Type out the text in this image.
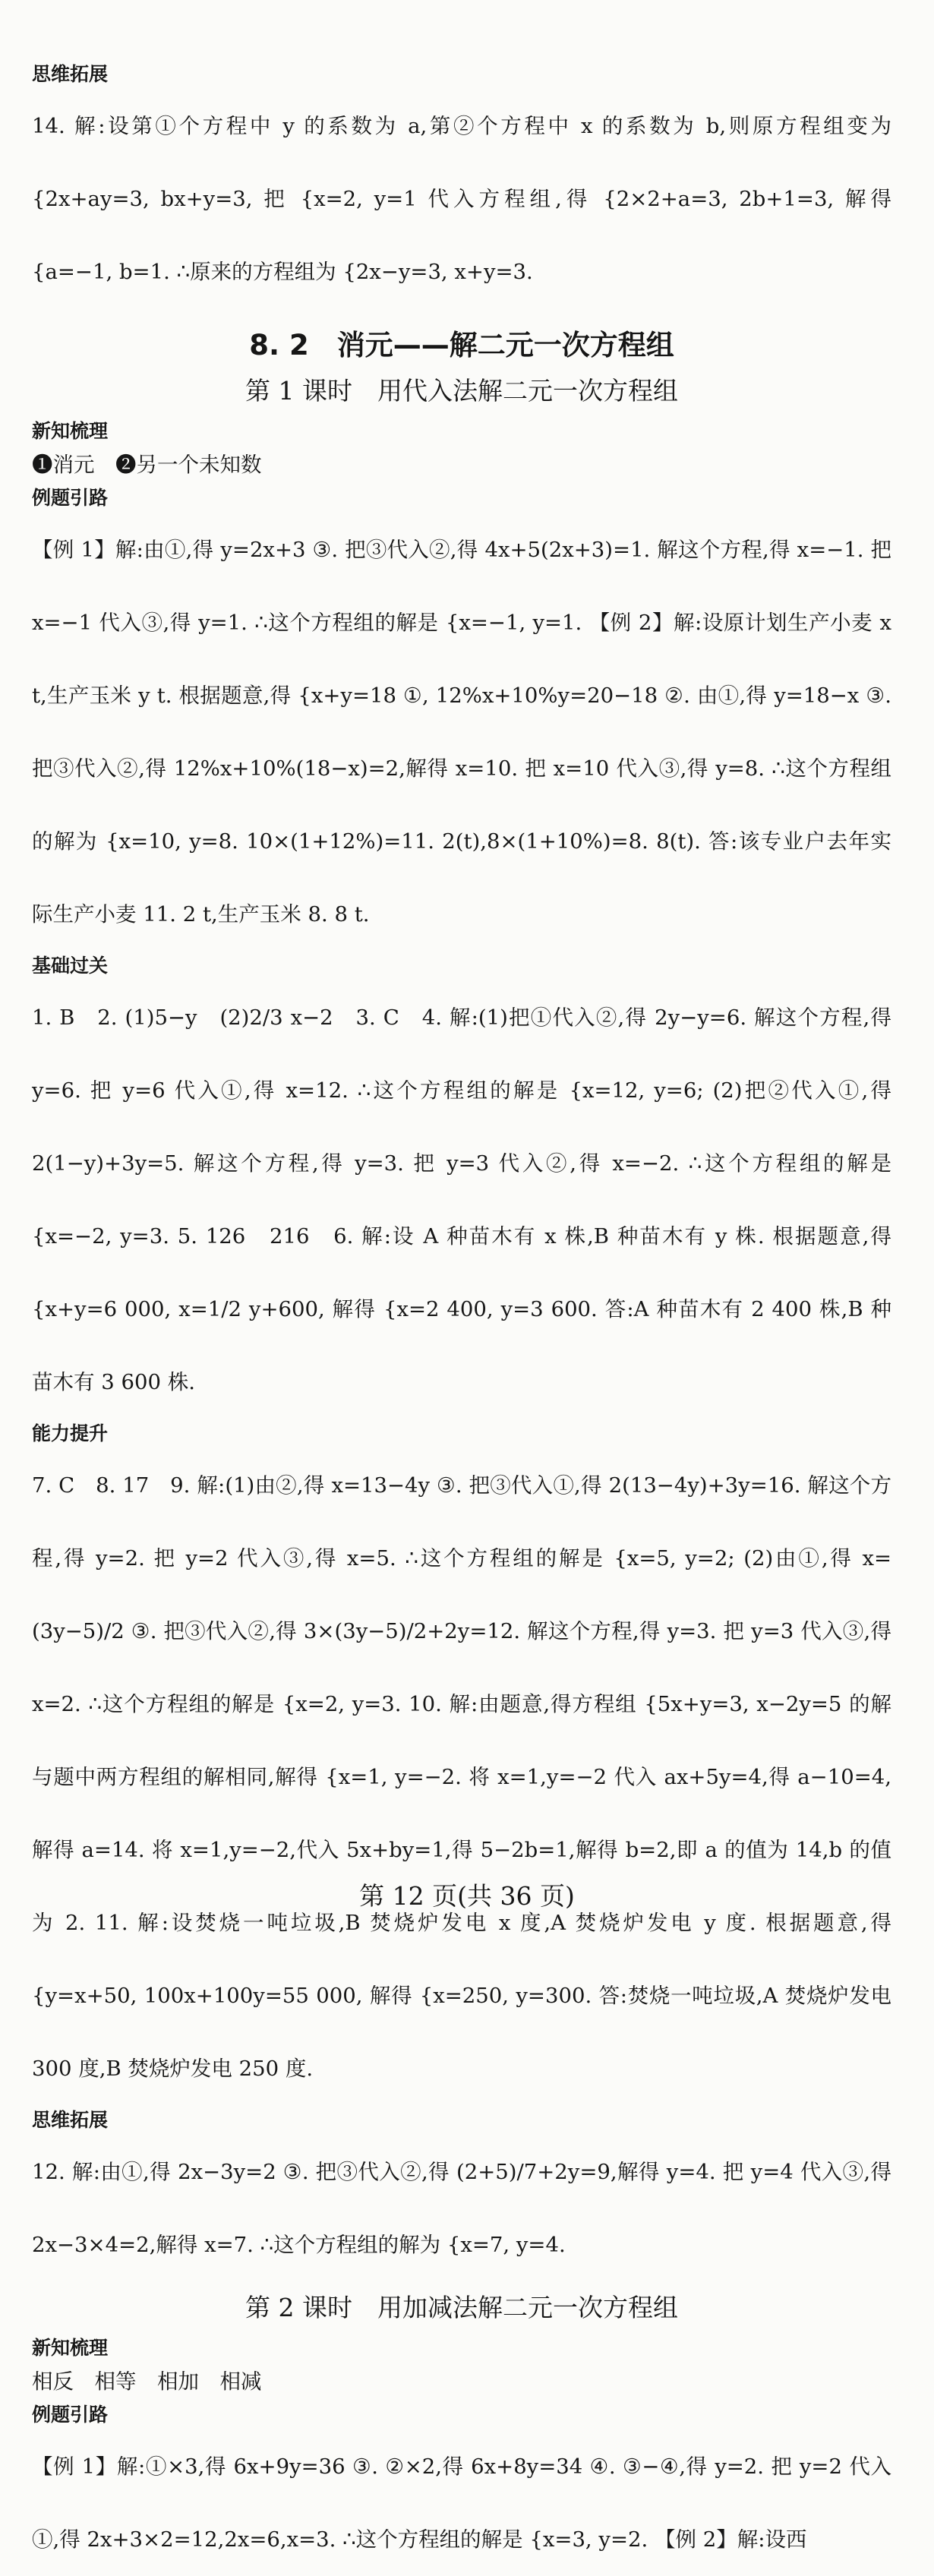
思维拓展

14. 解:设第①个方程中 y 的系数为 a,第②个方程中 x 的系数为 b,则原方程组变为 {2x+ay=3, bx+y=3, 把 {x=2, y=1 代入方程组,得 {2×2+a=3, 2b+1=3, 解得 {a=−1, b=1. ∴原来的方程组为 {2x−y=3, x+y=3.

8. 2　消元——解二元一次方程组
第 1 课时　用代入法解二元一次方程组

新知梳理

❶消元　❷另一个未知数

例题引路

【例 1】解:由①,得 y=2x+3 ③. 把③代入②,得 4x+5(2x+3)=1. 解这个方程,得 x=−1. 把 x=−1 代入③,得 y=1. ∴这个方程组的解是 {x=−1, y=1. 【例 2】解:设原计划生产小麦 x t,生产玉米 y t. 根据题意,得 {x+y=18 ①, 12%x+10%y=20−18 ②. 由①,得 y=18−x ③. 把③代入②,得 12%x+10%(18−x)=2,解得 x=10. 把 x=10 代入③,得 y=8. ∴这个方程组的解为 {x=10, y=8. 10×(1+12%)=11. 2(t),8×(1+10%)=8. 8(t). 答:该专业户去年实际生产小麦 11. 2 t,生产玉米 8. 8 t.

基础过关

1. B　2. (1)5−y　(2)2/3 x−2　3. C　4. 解:(1)把①代入②,得 2y−y=6. 解这个方程,得 y=6. 把 y=6 代入①,得 x=12. ∴这个方程组的解是 {x=12, y=6; (2)把②代入①,得 2(1−y)+3y=5. 解这个方程,得 y=3. 把 y=3 代入②,得 x=−2. ∴这个方程组的解是 {x=−2, y=3. 5. 126　216　6. 解:设 A 种苗木有 x 株,B 种苗木有 y 株. 根据题意,得 {x+y=6 000, x=1/2 y+600, 解得 {x=2 400, y=3 600. 答:A 种苗木有 2 400 株,B 种苗木有 3 600 株.

能力提升

7. C　8. 17　9. 解:(1)由②,得 x=13−4y ③. 把③代入①,得 2(13−4y)+3y=16. 解这个方程,得 y=2. 把 y=2 代入③,得 x=5. ∴这个方程组的解是 {x=5, y=2; (2)由①,得 x=(3y−5)/2 ③. 把③代入②,得 3×(3y−5)/2+2y=12. 解这个方程,得 y=3. 把 y=3 代入③,得 x=2. ∴这个方程组的解是 {x=2, y=3. 10. 解:由题意,得方程组 {5x+y=3, x−2y=5 的解与题中两方程组的解相同,解得 {x=1, y=−2. 将 x=1,y=−2 代入 ax+5y=4,得 a−10=4,解得 a=14. 将 x=1,y=−2,代入 5x+by=1,得 5−2b=1,解得 b=2,即 a 的值为 14,b 的值为 2. 11. 解:设焚烧一吨垃圾,B 焚烧炉发电 x 度,A 焚烧炉发电 y 度. 根据题意,得 {y=x+50, 100x+100y=55 000, 解得 {x=250, y=300. 答:焚烧一吨垃圾,A 焚烧炉发电 300 度,B 焚烧炉发电 250 度.

思维拓展

12. 解:由①,得 2x−3y=2 ③. 把③代入②,得 (2+5)/7+2y=9,解得 y=4. 把 y=4 代入③,得 2x−3×4=2,解得 x=7. ∴这个方程组的解为 {x=7, y=4.

第 2 课时　用加减法解二元一次方程组

新知梳理

相反　相等　相加　相减

例题引路

【例 1】解:①×3,得 6x+9y=36 ③. ②×2,得 6x+8y=34 ④. ③−④,得 y=2. 把 y=2 代入①,得 2x+3×2=12,2x=6,x=3. ∴这个方程组的解是 {x=3, y=2. 【例 2】解:设西

第 12 页(共 36 页)
